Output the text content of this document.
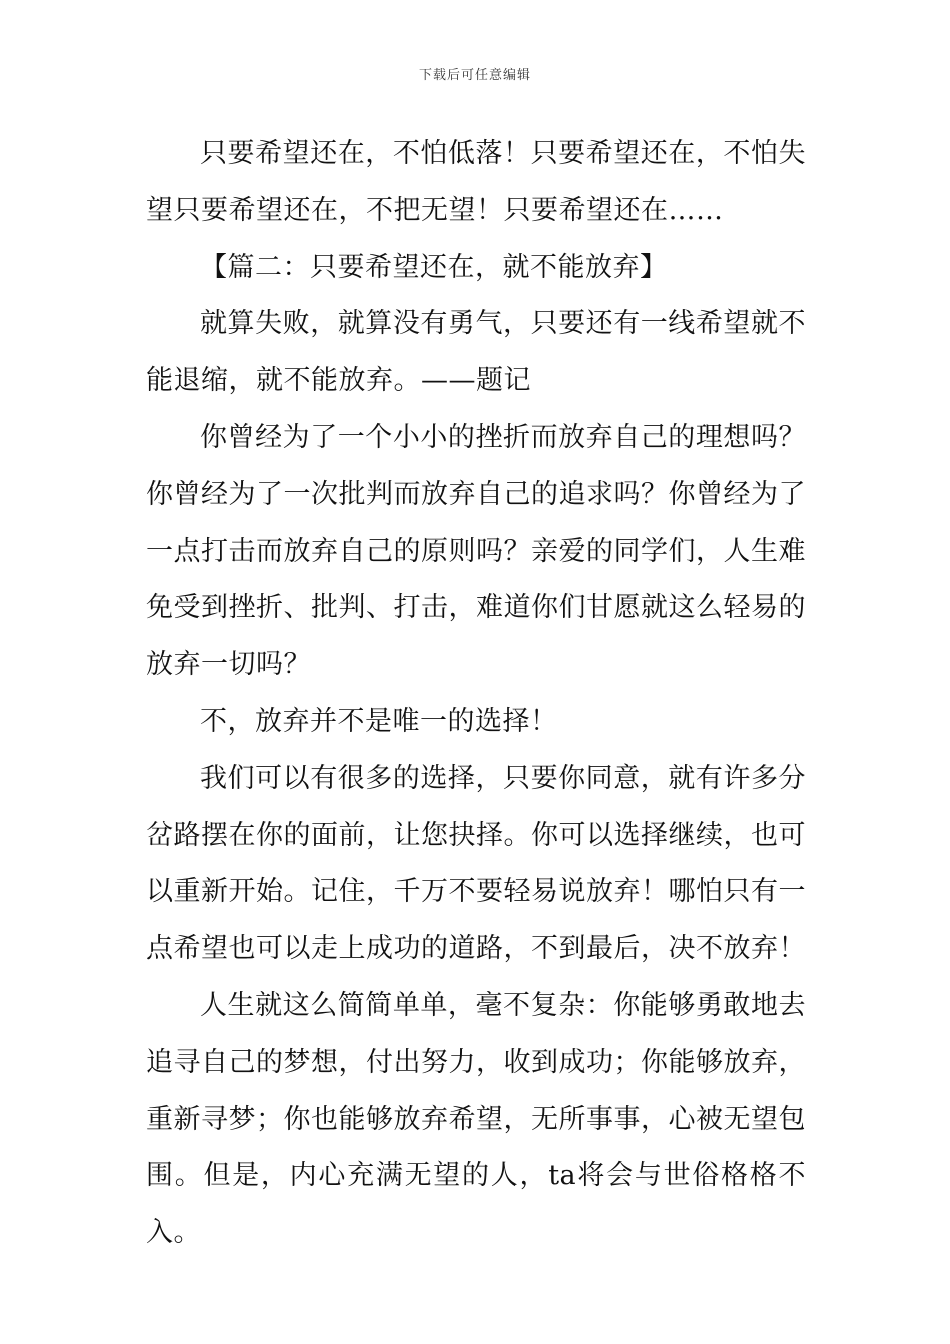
下载后可任意编辑

只要希望还在，不怕低落！只要希望还在，不怕失望只要希望还在，不把无望！只要希望还在……

【篇二：只要希望还在，就不能放弃】

就算失败，就算没有勇气，只要还有一线希望就不能退缩，就不能放弃。——题记

你曾经为了一个小小的挫折而放弃自己的理想吗？你曾经为了一次批判而放弃自己的追求吗？你曾经为了一点打击而放弃自己的原则吗？亲爱的同学们，人生难免受到挫折、批判、打击，难道你们甘愿就这么轻易的放弃一切吗？

不，放弃并不是唯一的选择！

我们可以有很多的选择，只要你同意，就有许多分岔路摆在你的面前，让您抉择。你可以选择继续，也可以重新开始。记住，千万不要轻易说放弃！哪怕只有一点希望也可以走上成功的道路，不到最后，决不放弃！

人生就这么简简单单，毫不复杂：你能够勇敢地去追寻自己的梦想，付出努力，收到成功；你能够放弃，重新寻梦；你也能够放弃希望，无所事事，心被无望包围。但是，内心充满无望的人，ta将会与世俗格格不入。
